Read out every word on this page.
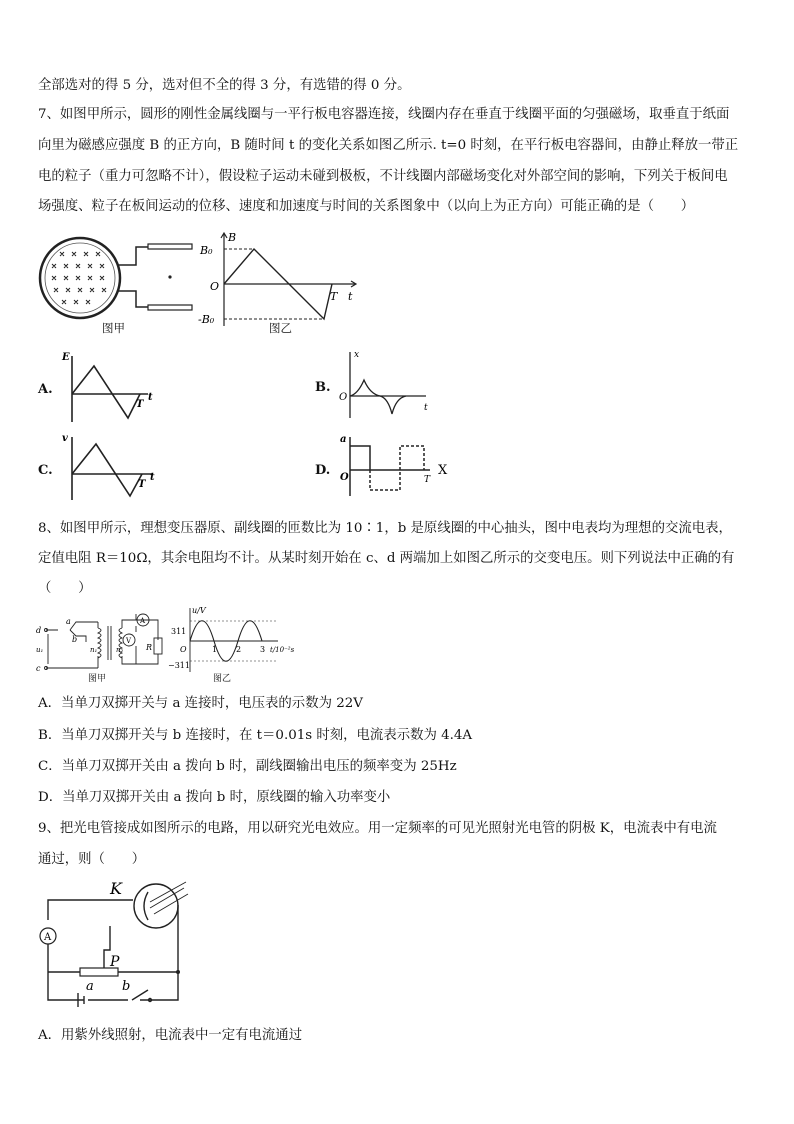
全部选对的得 5 分，选对但不全的得 3 分，有选错的得 0 分。
7、如图甲所示，圆形的刚性金属线圈与一平行板电容器连接，线圈内存在垂直于线圈平面的匀强磁场，取垂直于纸面
向里为磁感应强度 B 的正方向，B 随时间 t 的变化关系如图乙所示. t=0 时刻，在平行板电容器间，由静止释放一带正
电的粒子（重力可忽略不计），假设粒子运动未碰到极板，不计线圈内部磁场变化对外部空间的影响，下列关于板间电
场强度、粒子在板间运动的位移、速度和加速度与时间的关系图象中（以向上为正方向）可能正确的是（　　）
图甲
B
B₀
O
-B₀
T t
图乙
A.
E
T
t
B.
x
O
t
C.
v
T
t	D.
a
O	T
X
8、如图甲所示，理想变压器原、副线圈的匝数比为 10∶1，b 是原线圈的中心抽头，图中电表均为理想的交流电表，
定值电阻 R＝10Ω，其余电阻均不计。从某时刻开始在 c、d 两端加上如图乙所示的交变电压。则下列说法中正确的有
（　　）
d
a
b
c
u₁	n₁	n₂
A
V
R
图甲
u/V
311
O
−311
1 2 3 t/10⁻²s
图乙
A．当单刀双掷开关与 a 连接时，电压表的示数为 22V
B．当单刀双掷开关与 b 连接时，在 t＝0.01s 时刻，电流表示数为 4.4A
C．当单刀双掷开关由 a 拨向 b 时，副线圈输出电压的频率变为 25Hz
D．当单刀双掷开关由 a 拨向 b 时，原线圈的输入功率变小
9、把光电管接成如图所示的电路，用以研究光电效应。用一定频率的可见光照射光电管的阴极 K，电流表中有电流
通过，则（　　）
K
A
P
a b
A．用紫外线照射，电流表中一定有电流通过
